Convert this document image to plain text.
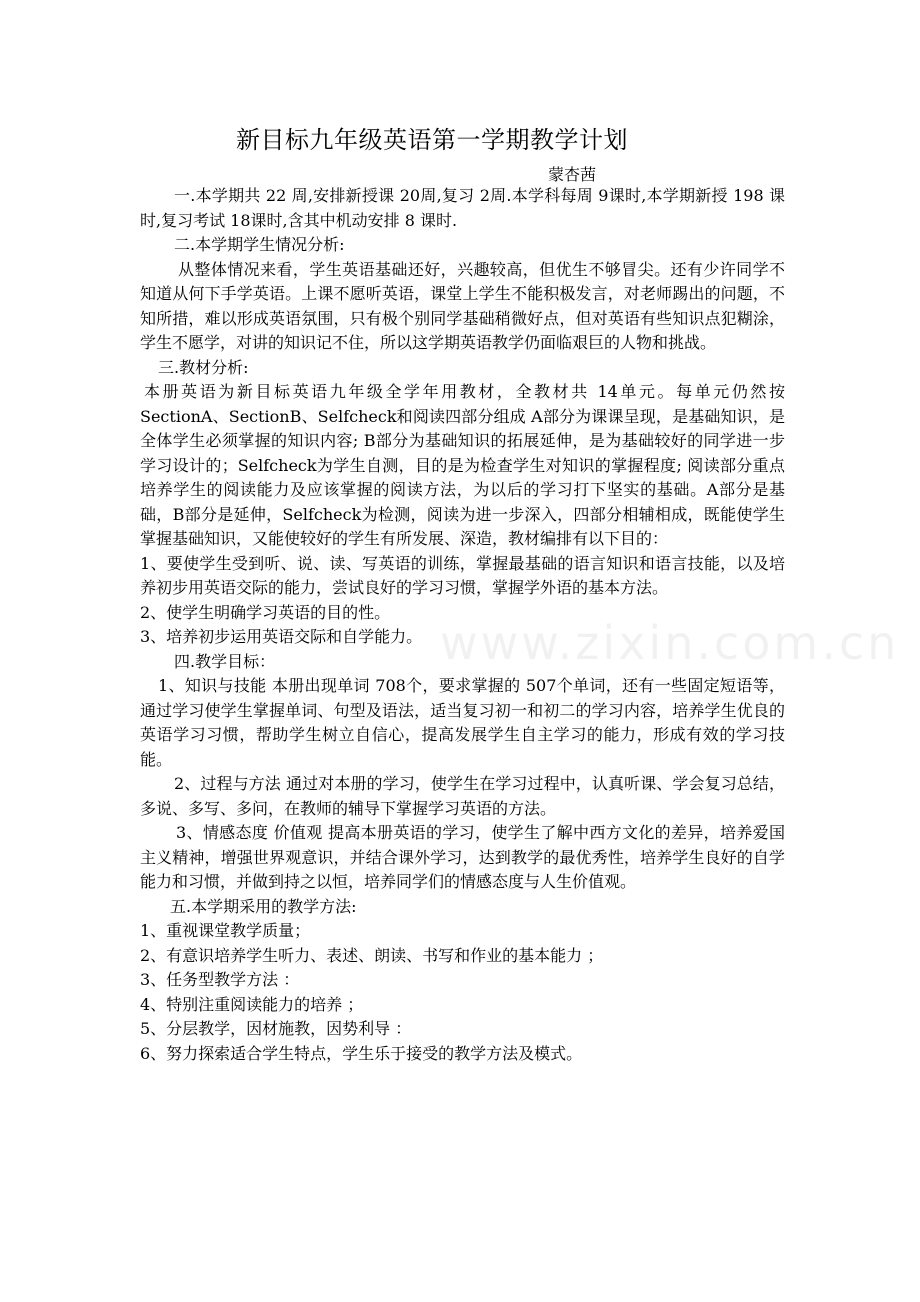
www.zixin.com.cn
新目标九年级英语第一学期教学计划
蒙杏茜

一.本学期共 22 周,安排新授课 20周,复习 2周.本学科每周 9课时,本学期新授 198 课时,复习考试 18课时,含其中机动安排 8 课时.

二.本学期学生情况分析:

从整体情况来看，学生英语基础还好，兴趣较高，但优生不够冒尖。还有少许同学不知道从何下手学英语。上课不愿听英语，课堂上学生不能积极发言，对老师踢出的问题，不知所措，难以形成英语氛围，只有极个别同学基础稍微好点，但对英语有些知识点犯糊涂，学生不愿学，对讲的知识记不住，所以这学期英语教学仍面临艰巨的人物和挑战。

三.教材分析:

本册英语为新目标英语九年级全学年用教材，全教材共 14单元。每单元仍然按 SectionA、SectionB、Selfcheck和阅读四部分组成 A部分为课课呈现，是基础知识，是全体学生必须掌握的知识内容; B部分为基础知识的拓展延伸，是为基础较好的同学进一步学习设计的；Selfcheck为学生自测，目的是为检查学生对知识的掌握程度; 阅读部分重点培养学生的阅读能力及应该掌握的阅读方法，为以后的学习打下坚实的基础。A部分是基础，B部分是延伸，Selfcheck为检测，阅读为进一步深入，四部分相辅相成，既能使学生掌握基础知识，又能使较好的学生有所发展、深造，教材编排有以下目的：

1、要使学生受到听、说、读、写英语的训练，掌握最基础的语言知识和语言技能，以及培养初步用英语交际的能力，尝试良好的学习习惯，掌握学外语的基本方法。

2、使学生明确学习英语的目的性。

3、培养初步运用英语交际和自学能力。

四.教学目标：

1、知识与技能 本册出现单词 708个，要求掌握的 507个单词，还有一些固定短语等，通过学习使学生掌握单词、句型及语法，适当复习初一和初二的学习内容，培养学生优良的英语学习习惯，帮助学生树立自信心，提高发展学生自主学习的能力，形成有效的学习技能。

2、过程与方法 通过对本册的学习，使学生在学习过程中，认真听课、学会复习总结，多说、多写、多问，在教师的辅导下掌握学习英语的方法。

3、情感态度 价值观 提高本册英语的学习，使学生了解中西方文化的差异，培养爱国主义精神，增强世界观意识，并结合课外学习，达到教学的最优秀性，培养学生良好的自学能力和习惯，并做到持之以恒，培养同学们的情感态度与人生价值观。

五.本学期采用的教学方法:

1、重视课堂教学质量；

2、有意识培养学生听力、表述、朗读、书写和作业的基本能力 ；

3、任务型教学方法 ：

4、特别注重阅读能力的培养 ；

5、分层教学，因材施教，因势利导 ：

6、努力探索适合学生特点，学生乐于接受的教学方法及模式。
